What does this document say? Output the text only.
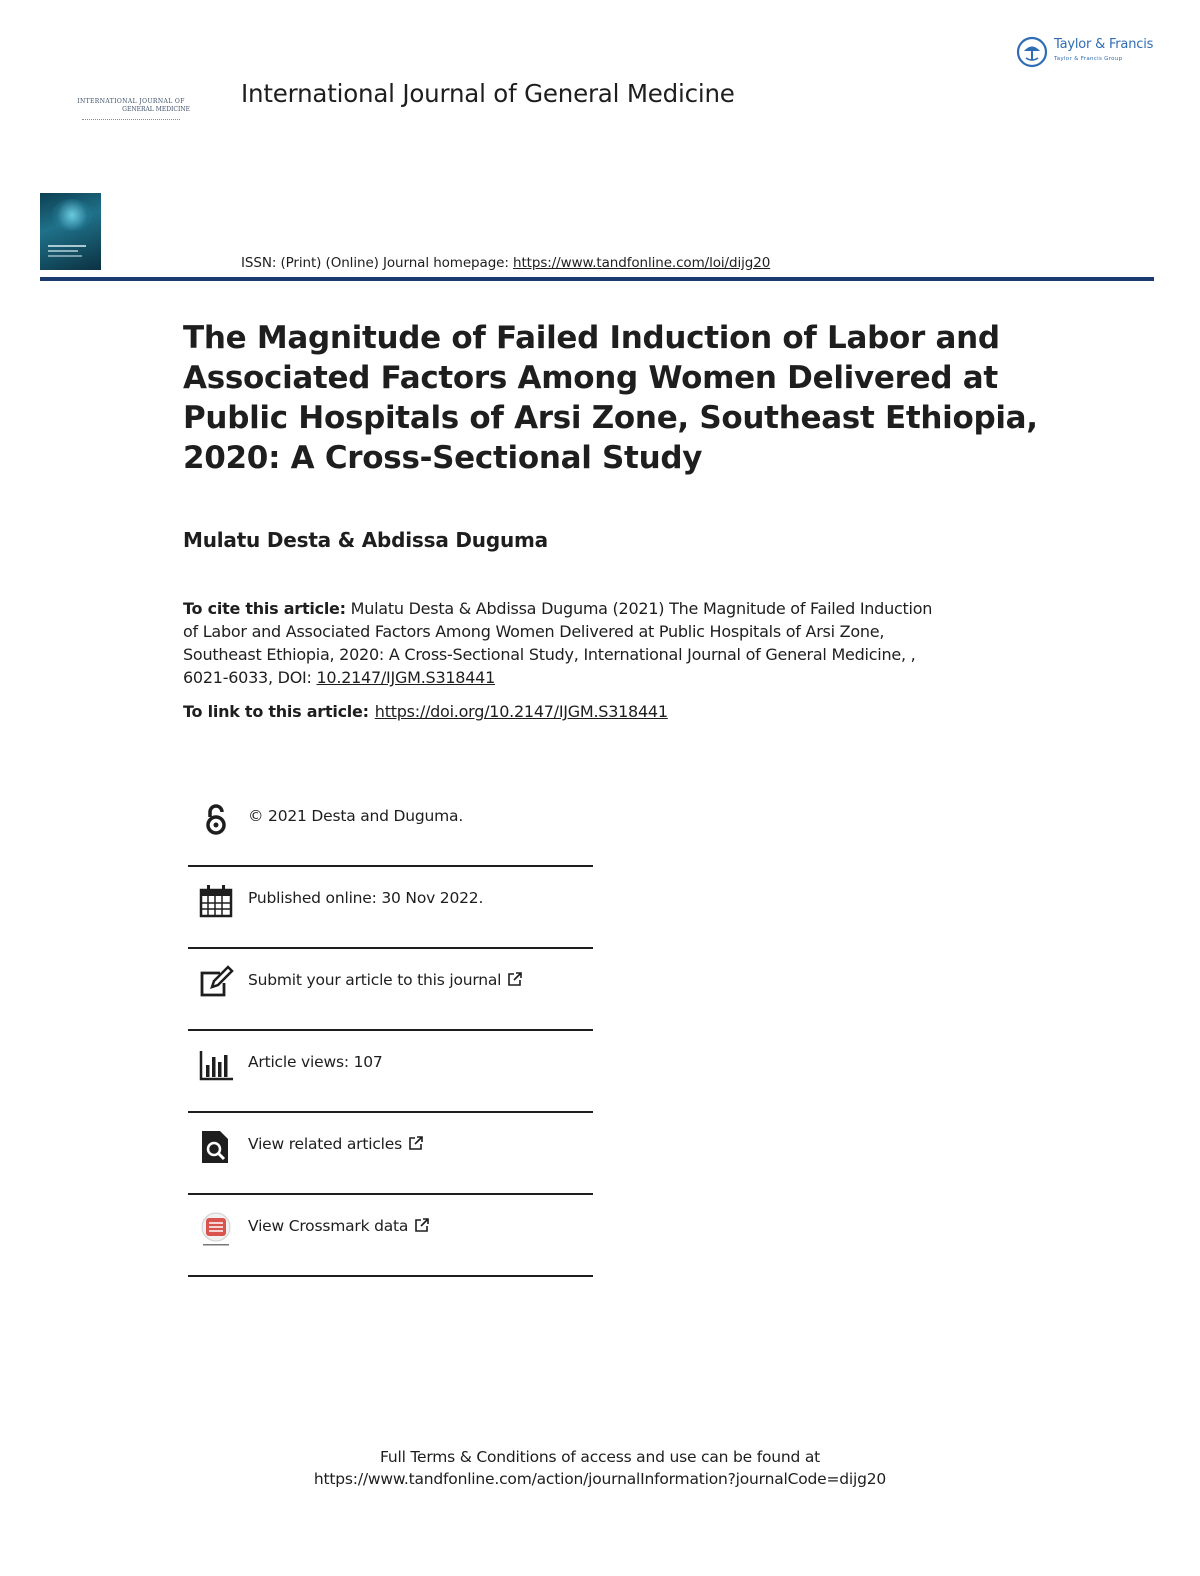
INTERNATIONAL JOURNAL OF
GENERAL MEDICINE
International Journal of General Medicine
Taylor & Francis
Taylor & Francis Group
ISSN: (Print) (Online) Journal homepage: https://www.tandfonline.com/loi/dijg20
The Magnitude of Failed Induction of Labor and
Associated Factors Among Women Delivered at
Public Hospitals of Arsi Zone, Southeast Ethiopia,
2020: A Cross-Sectional Study
Mulatu Desta & Abdissa Duguma
To cite this article: Mulatu Desta & Abdissa Duguma (2021) The Magnitude of Failed Induction
of Labor and Associated Factors Among Women Delivered at Public Hospitals of Arsi Zone,
Southeast Ethiopia, 2020: A Cross-Sectional Study, International Journal of General Medicine, ,
6021-6033, DOI: 10.2147/IJGM.S318441
To link to this article: https://doi.org/10.2147/IJGM.S318441
© 2021 Desta and Duguma.
Published online: 30 Nov 2022.
Submit your article to this journal
Article views: 107
View related articles
View Crossmark data
Full Terms & Conditions of access and use can be found at
https://www.tandfonline.com/action/journalInformation?journalCode=dijg20
